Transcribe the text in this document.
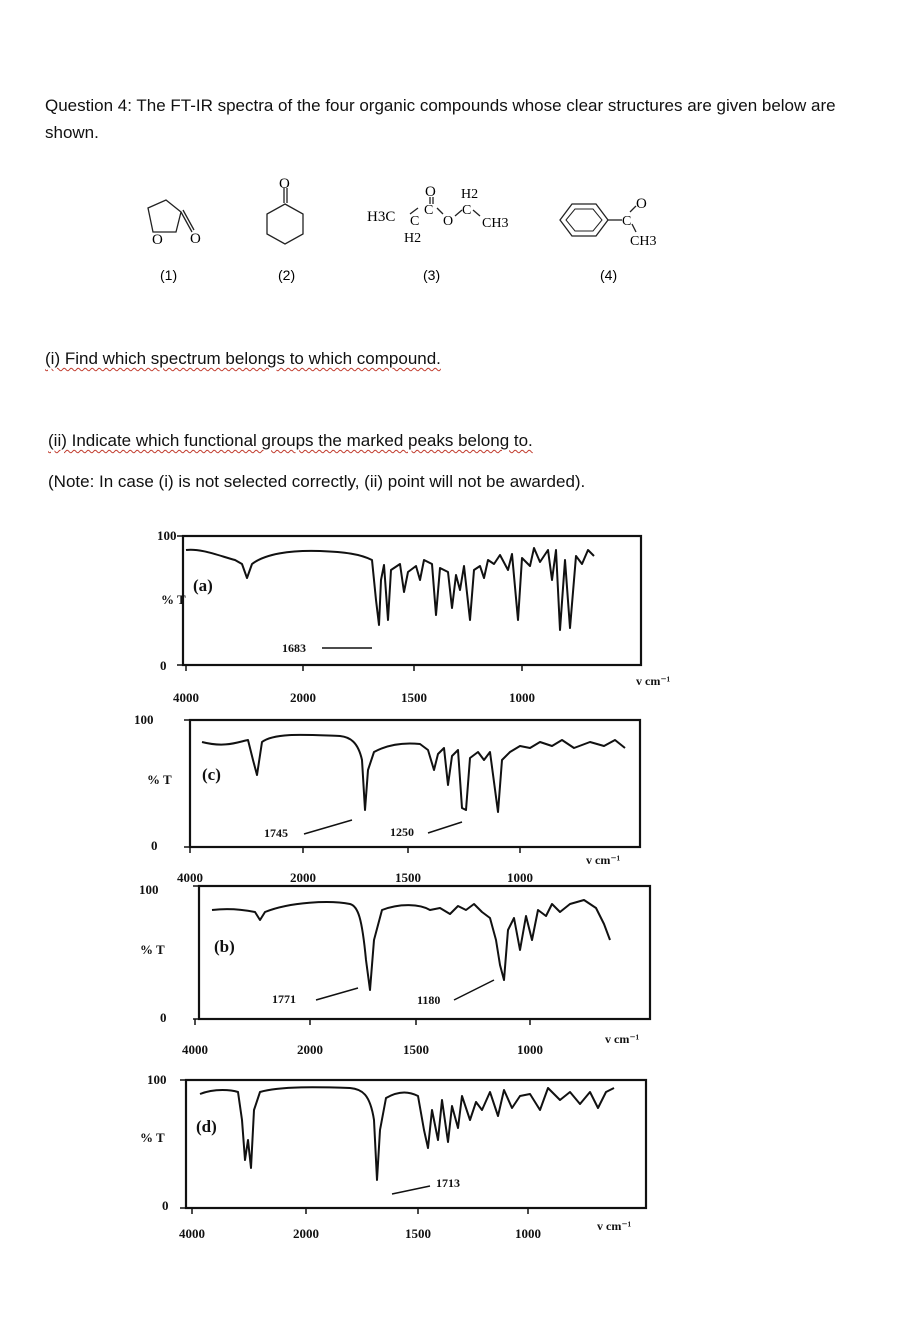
Question 4: The FT-IR spectra of the four organic compounds whose clear structures are given below are shown.
O O
O
H3C C
H2
O
C
O
H2
C
CH3
O
C
CH3
(1)	(2)	(3)	(4)
(i) Find which spectrum belongs to which compound.
(ii) Indicate which functional groups the marked peaks belong to.
(Note: In case (i) is not selected correctly, (ii) point will not be awarded).
4000	2000	1500	1000
v cm⁻¹
100
% T
0
(a)
1683
4000	2000	1500	1000
v cm⁻¹
100
% T
0
(c)
1745	1250
4000	2000	1500	1000
v cm⁻¹
100
% T
0
(b)
1771	1180
4000	2000	1500	1000	v cm⁻¹
100
% T
0
(d)
1713
